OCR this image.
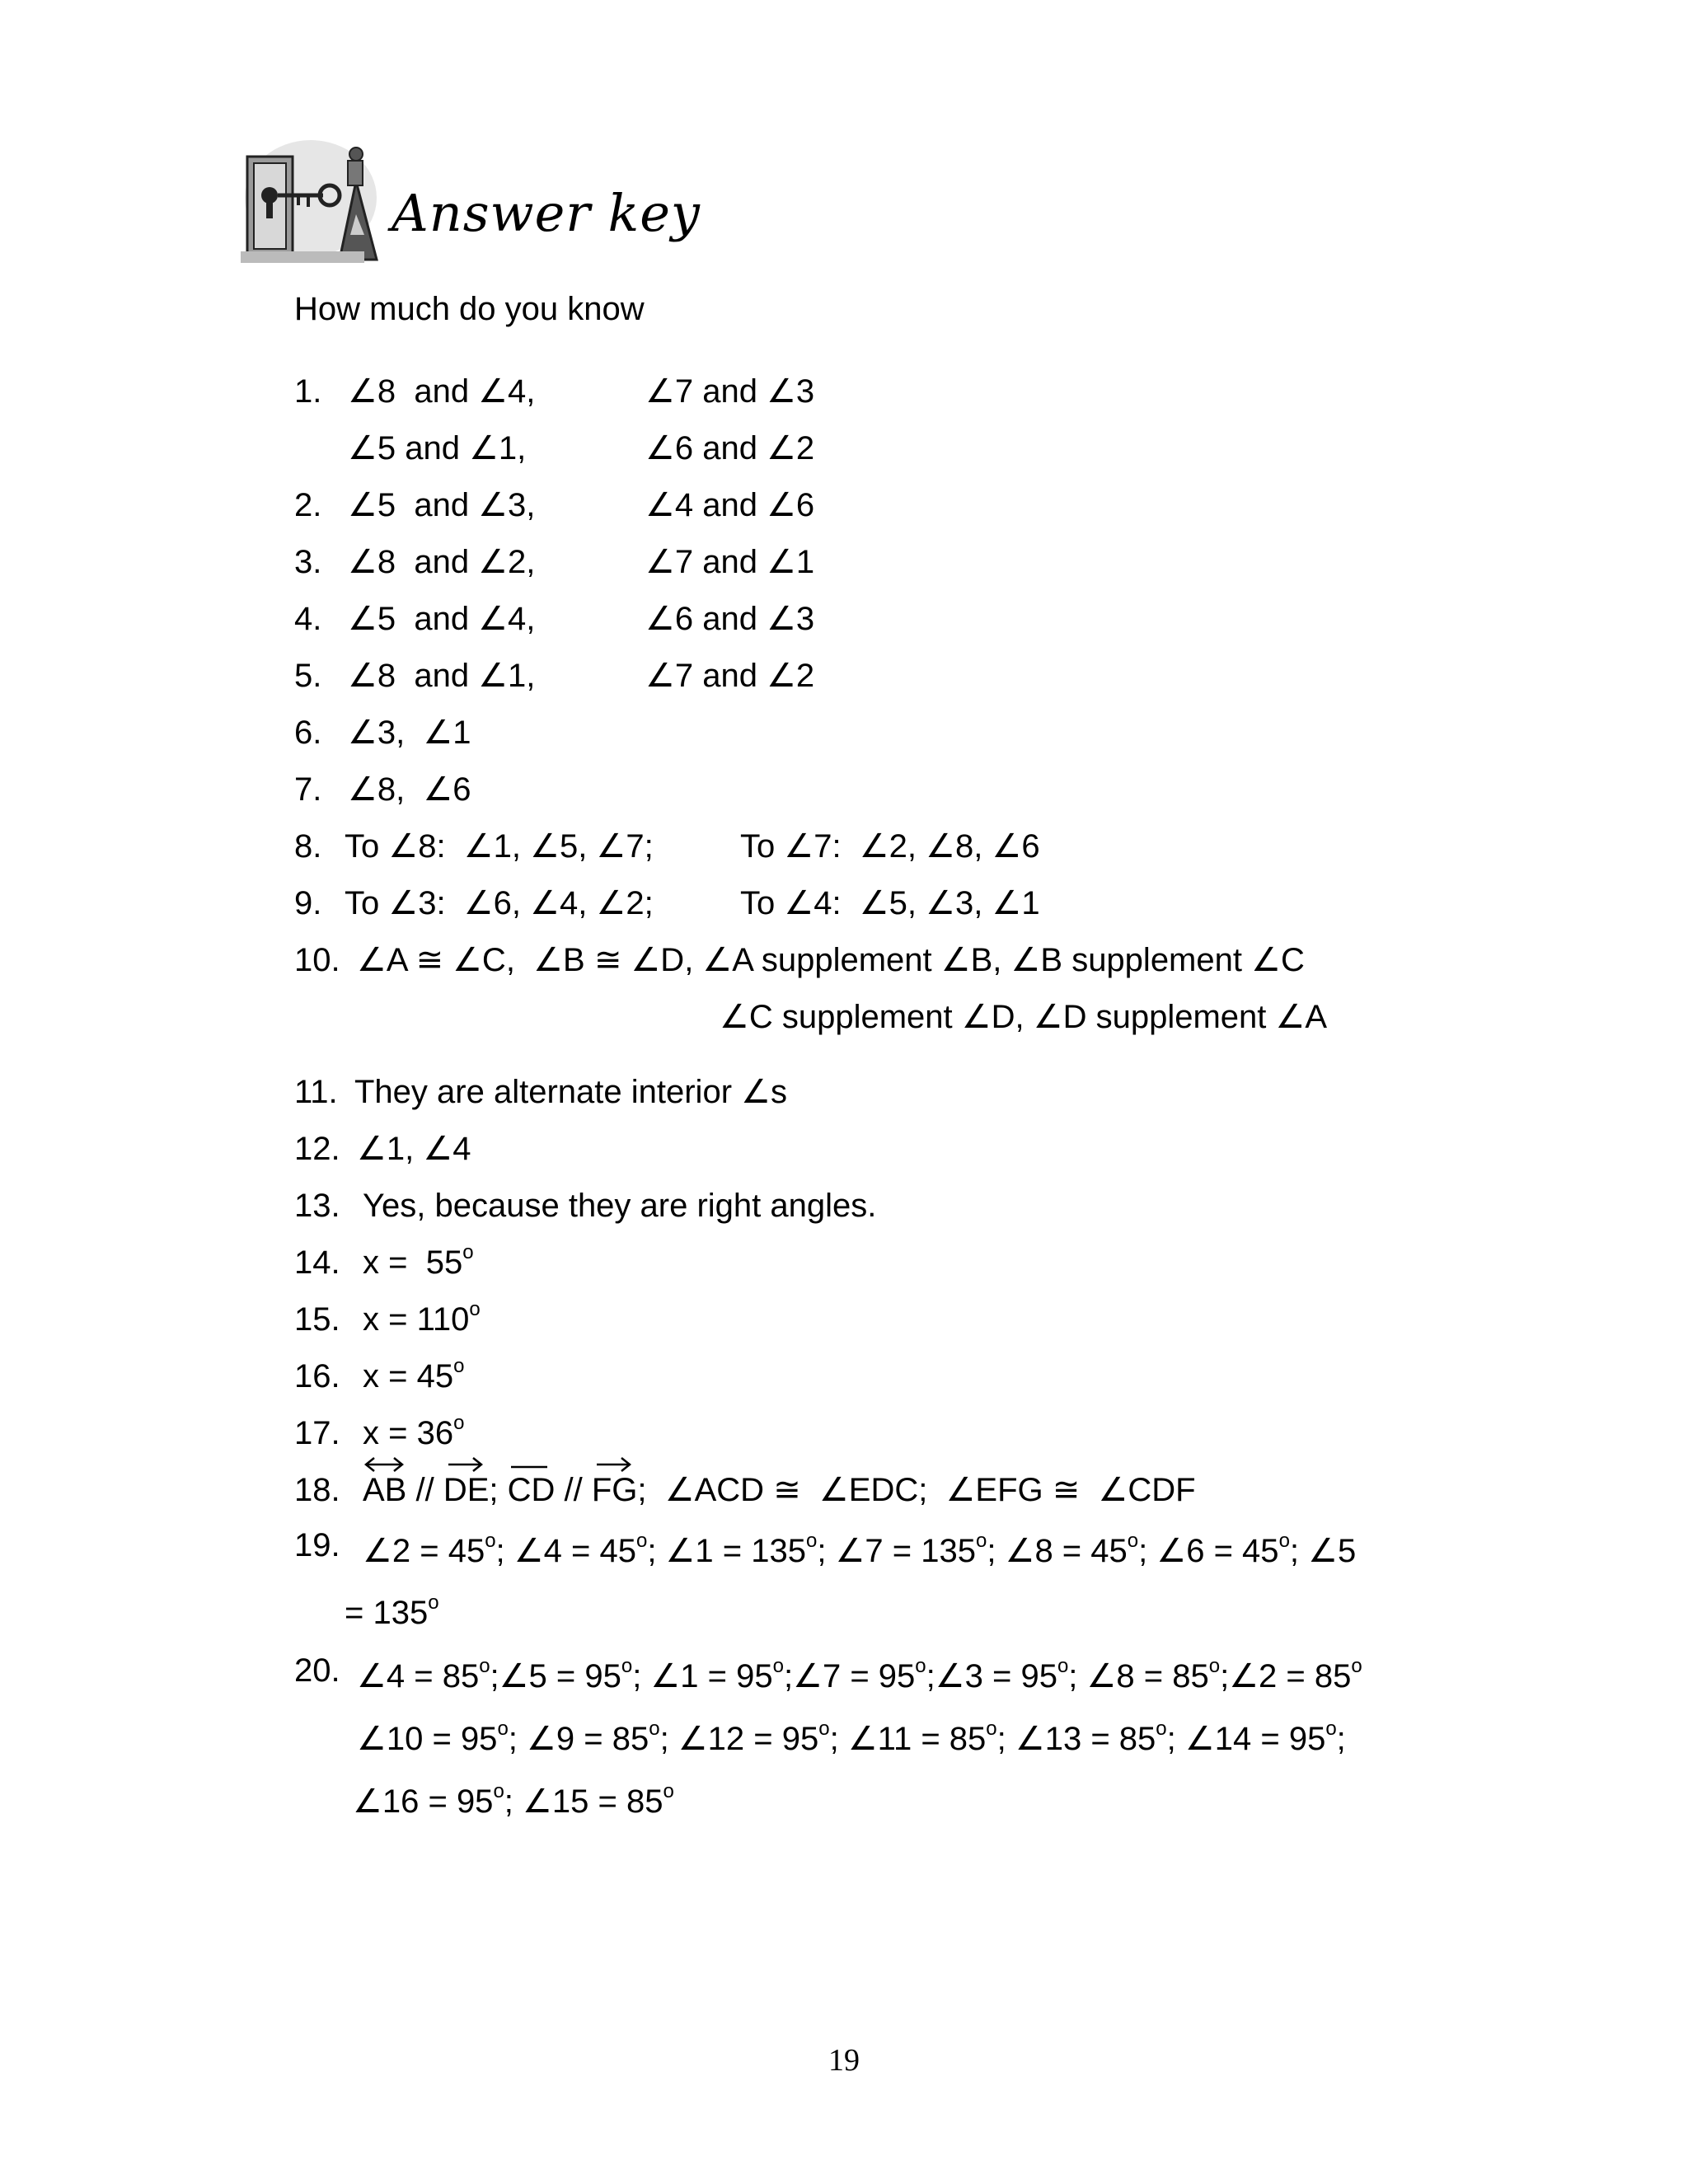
Answer key
How much do you know
1. ∠8  and ∠4,	∠7 and ∠3
∠5 and ∠1,	∠6 and ∠2
2. ∠5  and ∠3,	∠4 and ∠6
3. ∠8  and ∠2,	∠7 and ∠1
4. ∠5  and ∠4,	∠6 and ∠3
5. ∠8  and ∠1,	∠7 and ∠2
6. ∠3,  ∠1
7. ∠8,  ∠6
8. To ∠8:  ∠1, ∠5, ∠7;	To ∠7:  ∠2, ∠8, ∠6
9. To ∠3:  ∠6, ∠4, ∠2;	To ∠4:  ∠5, ∠3, ∠1
10. ∠A ≅ ∠C,  ∠B ≅ ∠D, ∠A supplement ∠B, ∠B supplement ∠C
∠C supplement ∠D, ∠D supplement ∠A
11. They are alternate interior ∠s
12. ∠1, ∠4
13. Yes, because they are right angles.
14. x =  55$^o$
15. $x = 110^o$
16. $x = 45^o$
17. $x = 36^o$
18. AB //
DE;
CD //
FG;  ∠ACD ≅  ∠EDC;  ∠EFG ≅  ∠CDF
19. ∠2 = $45^o$; ∠4 = $45^o$; ∠1 = $135^o$; ∠7 = $135^o$; ∠8 = $45^o$; ∠6 = $45^o$; ∠5
= $135^o$
20. ∠4 = $85^o;\angle 5 = 95^o$; ∠1 = $95^o;\angle 7$ = $95^o;\angle 3 = 95^o$; ∠8 = $85^o;\angle 2 = 85^o$
∠10 = $95^o$; ∠9 = $85^o$; ∠12 = $95^o$; ∠11 = $85^o$; ∠13 = $85^o$; ∠14 = $95^o$;
∠16 = $95^o$; ∠15 = $85^o$
19
